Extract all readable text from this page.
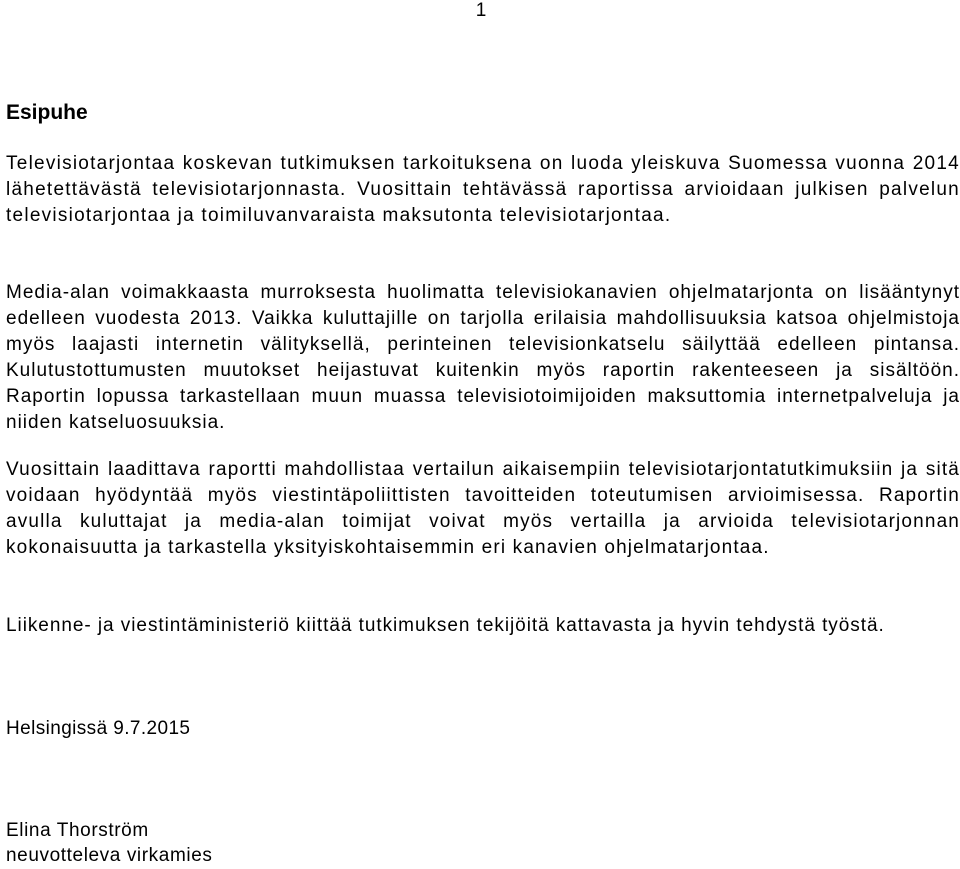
1
Esipuhe

Televisiotarjontaa koskevan tutkimuksen tarkoituksena on luoda yleiskuva Suomessa vuonna 2014 lähetettävästä televisiotarjonnasta. Vuosittain tehtävässä raportissa arvioidaan julkisen palvelun televisiotarjontaa ja toimiluvanvaraista maksutonta televisiotarjontaa.

Media-alan voimakkaasta murroksesta huolimatta televisiokanavien ohjelmatarjonta on lisääntynyt edelleen vuodesta 2013. Vaikka kuluttajille on tarjolla erilaisia mahdollisuuksia katsoa ohjelmistoja myös laajasti internetin välityksellä, perinteinen televisionkatselu säilyttää edelleen pintansa. Kulutustottumusten muutokset heijastuvat kuitenkin myös raportin rakenteeseen ja sisältöön. Raportin lopussa tarkastellaan muun muassa televisiotoimijoiden maksuttomia internetpalveluja ja niiden katseluosuuksia.

Vuosittain laadittava raportti mahdollistaa vertailun aikaisempiin televisiotarjontatutkimuksiin ja sitä voidaan hyödyntää myös viestintäpoliittisten tavoitteiden toteutumisen arvioimisessa. Raportin avulla kuluttajat ja media-alan toimijat voivat myös vertailla ja arvioida televisiotarjonnan kokonaisuutta ja tarkastella yksityiskohtaisemmin eri kanavien ohjelmatarjontaa.

Liikenne- ja viestintäministeriö kiittää tutkimuksen tekijöitä kattavasta ja hyvin tehdystä työstä.

Helsingissä 9.7.2015

Elina Thorström

neuvotteleva virkamies
